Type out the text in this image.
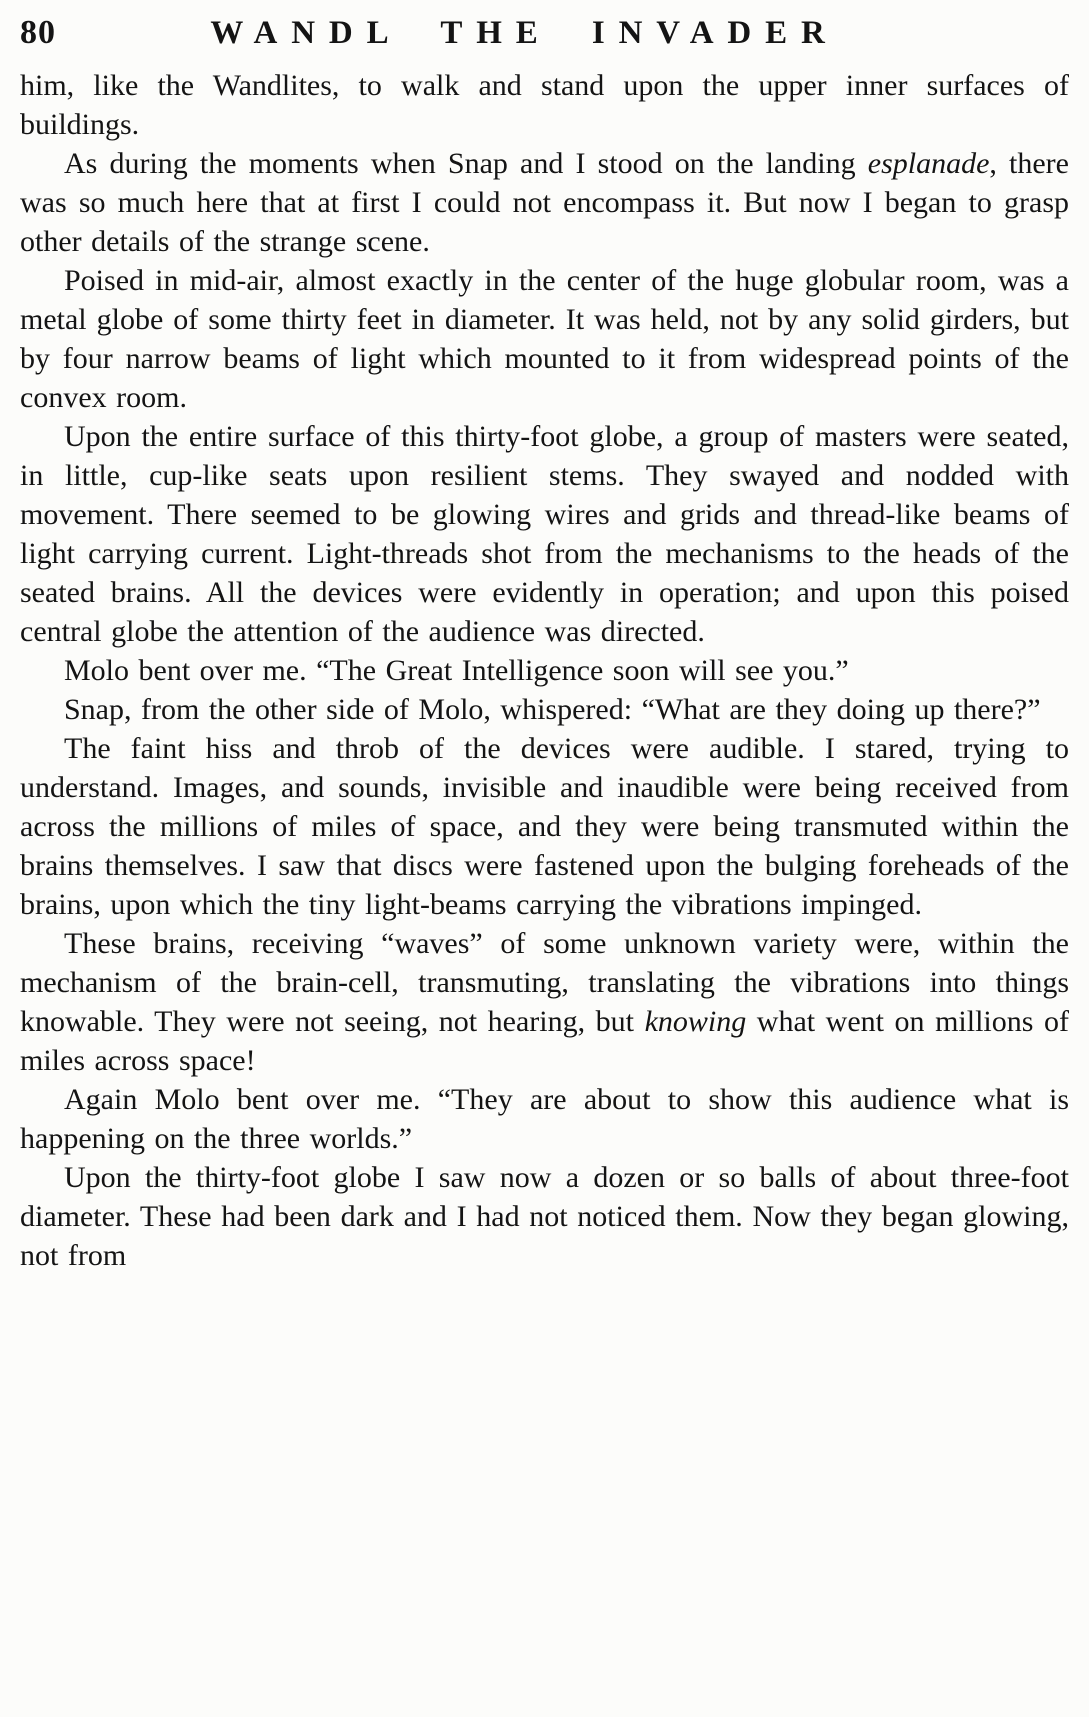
80	WANDL THE INVADER

him, like the Wandlites, to walk and stand upon the upper inner surfaces of buildings.

As during the moments when Snap and I stood on the landing esplanade, there was so much here that at first I could not encompass it. But now I began to grasp other details of the strange scene.

Poised in mid-air, almost exactly in the center of the huge globular room, was a metal globe of some thirty feet in diameter. It was held, not by any solid girders, but by four narrow beams of light which mounted to it from widespread points of the convex room.

Upon the entire surface of this thirty-foot globe, a group of masters were seated, in little, cup-like seats upon resilient stems. They swayed and nodded with movement. There seemed to be glowing wires and grids and thread-like beams of light carrying current. Light-threads shot from the mechanisms to the heads of the seated brains. All the devices were evidently in operation; and upon this poised central globe the attention of the audience was directed.

Molo bent over me. “The Great Intelligence soon will see you.”

Snap, from the other side of Molo, whispered: “What are they doing up there?”

The faint hiss and throb of the devices were audible. I stared, trying to understand. Images, and sounds, invisible and inaudible were being received from across the millions of miles of space, and they were being transmuted within the brains themselves. I saw that discs were fastened upon the bulging foreheads of the brains, upon which the tiny light-beams carrying the vibrations impinged.

These brains, receiving “waves” of some unknown variety were, within the mechanism of the brain-cell, transmuting, translating the vibrations into things knowable. They were not seeing, not hearing, but knowing what went on millions of miles across space!

Again Molo bent over me. “They are about to show this audience what is happening on the three worlds.”

Upon the thirty-foot globe I saw now a dozen or so balls of about three-foot diameter. These had been dark and I had not noticed them. Now they began glowing, not from
